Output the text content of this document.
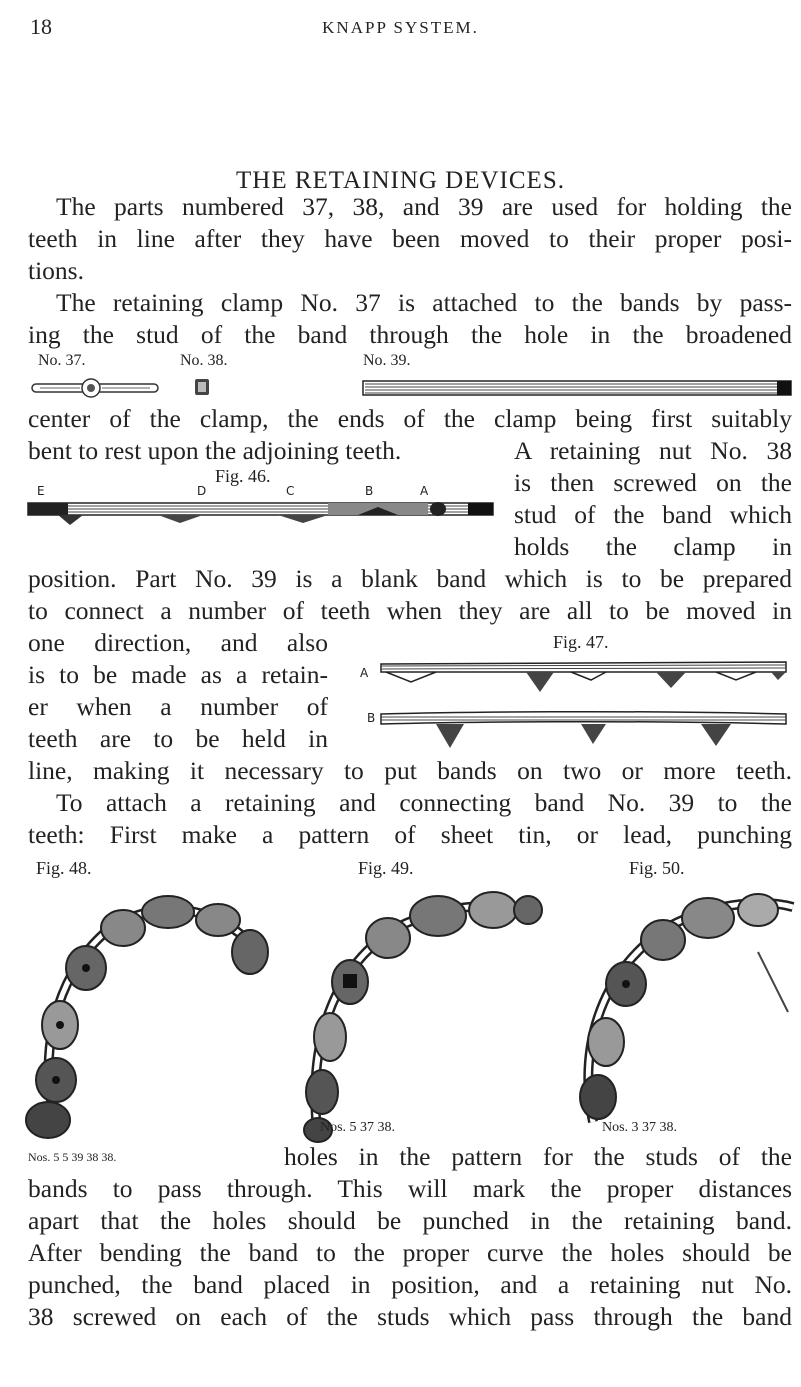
18	KNAPP SYSTEM.
THE RETAINING DEVICES.
The parts numbered 37, 38, and 39 are used for holding the
teeth in line after they have been moved to their proper posi-
tions.
The retaining clamp No. 37 is attached to the bands by pass-
ing the stud of the band through the hole in the broadened
No. 37.	No. 38.	No. 39.
center of the clamp, the ends of the clamp being first suitably
bent to rest upon the adjoining teeth.	A retaining nut No. 38
Fig. 46.
E	D	C	B	A	is then screwed on the
stud of the band which
holds the clamp in
position. Part No. 39 is a blank band which is to be prepared
to connect a number of teeth when they are all to be moved in
one direction, and also
is to be made as a retain-
er when a number of
teeth are to be held in
Fig. 47.
A
B
line, making it necessary to put bands on two or more teeth.
To attach a retaining and connecting band No. 39 to the
teeth: First make a pattern of sheet tin, or lead, punching
Fig. 48.	Fig. 49.	Fig. 50.
Nos. 5 37 38.	Nos. 3 37 38.
Nos. 5 5 39 38 38.	holes in the pattern for the studs of the
bands to pass through. This will mark the proper distances
apart that the holes should be punched in the retaining band.
After bending the band to the proper curve the holes should be
punched, the band placed in position, and a retaining nut No.
38 screwed on each of the studs which pass through the band
